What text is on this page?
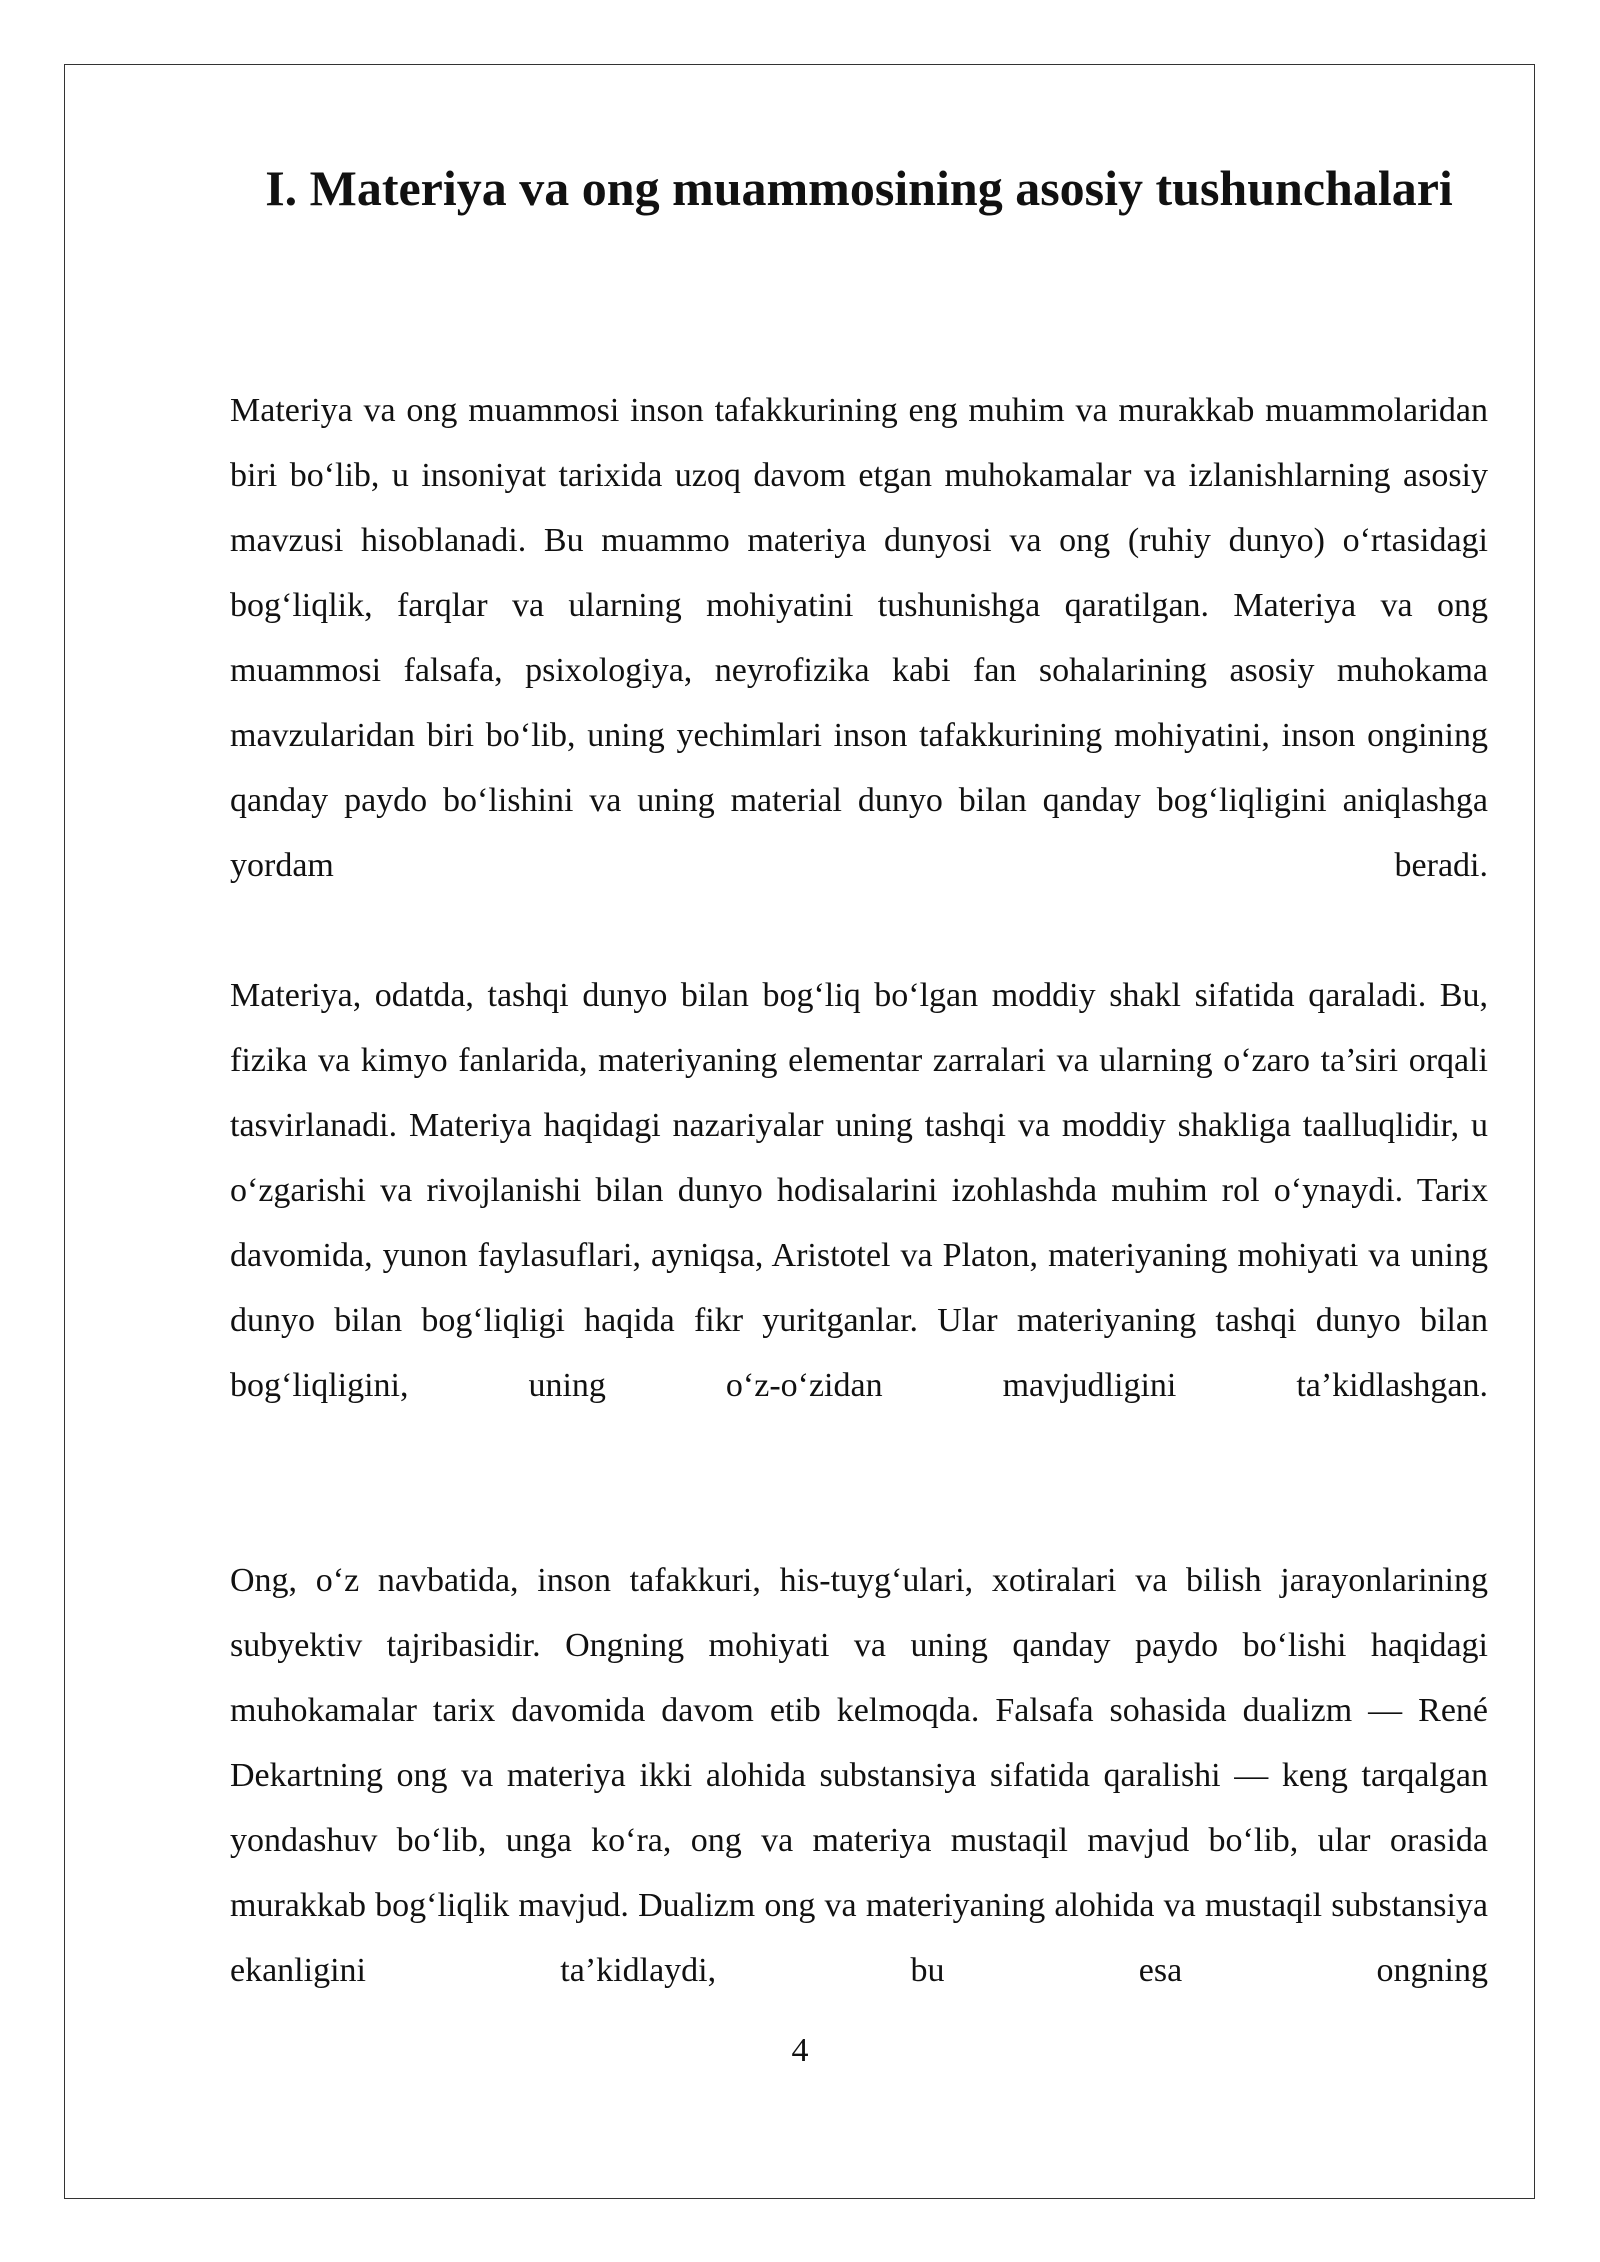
I. Materiya va ong muammosining asosiy tushunchalari

Materiya va ong muammosi inson tafakkurining eng muhim va murakkab muammolaridan biri bo‘lib, u insoniyat tarixida uzoq davom etgan muhokamalar va izlanishlarning asosiy mavzusi hisoblanadi. Bu muammo materiya dunyosi va ong (ruhiy dunyo) o‘rtasidagi bog‘liqlik, farqlar va ularning mohiyatini tushunishga qaratilgan. Materiya va ong muammosi falsafa, psixologiya, neyrofizika kabi fan sohalarining asosiy muhokama mavzularidan biri bo‘lib, uning yechimlari inson tafakkurining mohiyatini, inson ongining qanday paydo bo‘lishini va uning material dunyo bilan qanday bog‘liqligini aniqlashga yordam beradi.

Materiya, odatda, tashqi dunyo bilan bog‘liq bo‘lgan moddiy shakl sifatida qaraladi. Bu, fizika va kimyo fanlarida, materiyaning elementar zarralari va ularning o‘zaro ta’siri orqali tasvirlanadi. Materiya haqidagi nazariyalar uning tashqi va moddiy shakliga taalluqlidir, u o‘zgarishi va rivojlanishi bilan dunyo hodisalarini izohlashda muhim rol o‘ynaydi. Tarix davomida, yunon faylasuflari, ayniqsa, Aristotel va Platon, materiyaning mohiyati va uning dunyo bilan bog‘liqligi haqida fikr yuritganlar. Ular materiyaning tashqi dunyo bilan bog‘liqligini, uning o‘z-o‘zidan mavjudligini ta’kidlashgan.

Ong, o‘z navbatida, inson tafakkuri, his-tuyg‘ulari, xotiralari va bilish jarayonlarining subyektiv tajribasidir. Ongning mohiyati va uning qanday paydo bo‘lishi haqidagi muhokamalar tarix davomida davom etib kelmoqda. Falsafa sohasida dualizm — René Dekartning ong va materiya ikki alohida substansiya sifatida qaralishi — keng tarqalgan yondashuv bo‘lib, unga ko‘ra, ong va materiya mustaqil mavjud bo‘lib, ular orasida murakkab bog‘liqlik mavjud. Dualizm ong va materiyaning alohida va mustaqil substansiya ekanligini ta’kidlaydi, bu esa ongning

4
